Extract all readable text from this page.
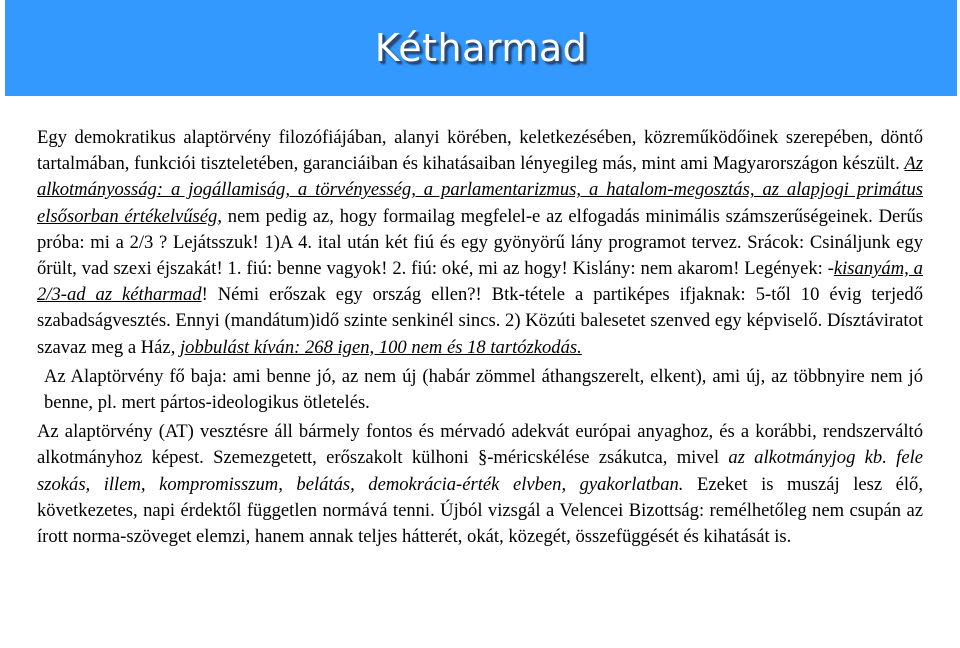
Kétharmad

Egy demokratikus alaptörvény filozófiájában, alanyi körében, keletkezésében, közreműködőinek szerepében, döntő tartalmában, funkciói tiszteletében, garanciáiban és kihatásaiban lényegileg más, mint ami Magyarországon készült. Az alkotmányosság: a jogállamiság, a törvényesség, a parlamentarizmus, a hatalom-megosztás, az alapjogi primátus elsősorban értékelvűség, nem pedig az, hogy formailag megfelel-e az elfogadás minimális számszerűségeinek. Derűs próba: mi a 2/3 ? Lejátsszuk! 1)A 4. ital után két fiú és egy gyönyörű lány programot tervez. Srácok: Csináljunk egy őrült, vad szexi éjszakát! 1. fiú: benne vagyok! 2. fiú: oké, mi az hogy! Kislány: nem akarom! Legények: -kisanyám, a 2/3-ad az kétharmad! Némi erőszak egy ország ellen?! Btk-tétele a partiképes ifjaknak: 5-től 10 évig terjedő szabadságvesztés. Ennyi (mandátum)idő szinte senkinél sincs. 2) Közúti balesetet szenved egy képviselő. Dísztáviratot szavaz meg a Ház, jobbulást kíván: 268 igen, 100 nem és 18 tartózkodás.

Az Alaptörvény fő baja: ami benne jó, az nem új (habár zömmel áthangszerelt, elkent), ami új, az többnyire nem jó benne, pl. mert pártos-ideologikus ötletelés.

Az alaptörvény (AT) vesztésre áll bármely fontos és mérvadó adekvát európai anyaghoz, és a korábbi, rendszerváltó alkotmányhoz képest. Szemezgetett, erőszakolt külhoni §-méricskélése zsákutca, mivel az alkotmányjog kb. fele szokás, illem, kompromisszum, belátás, demokrácia-érték elvben, gyakorlatban. Ezeket is muszáj lesz élő, következetes, napi érdektől független normává tenni. Újból vizsgál a Velencei Bizottság: remélhetőleg nem csupán az írott norma-szöveget elemzi, hanem annak teljes hátterét, okát, közegét, összefüggését és kihatását is.
